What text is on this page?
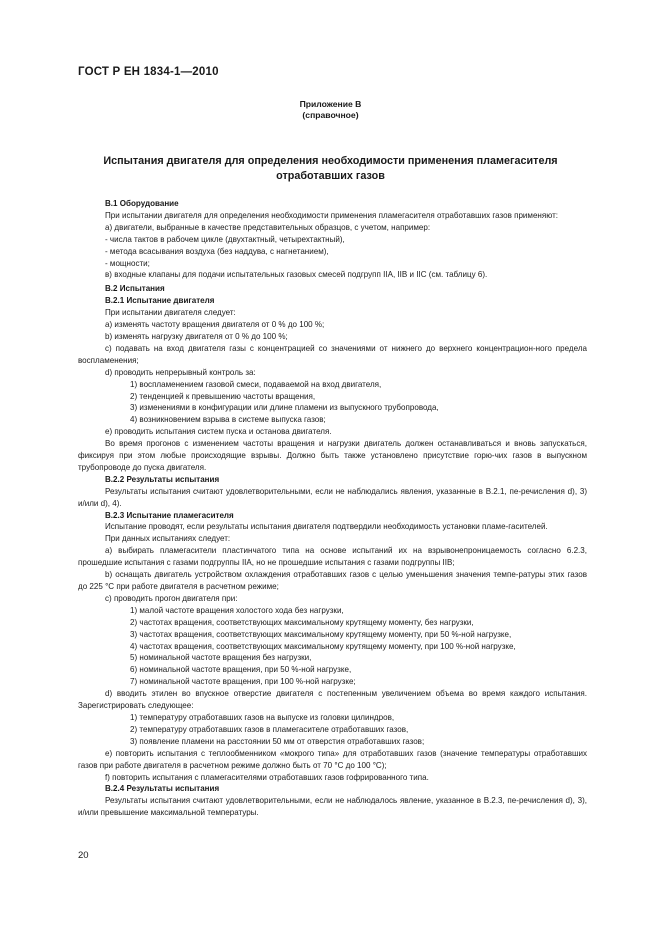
ГОСТ Р ЕН 1834-1—2010
Приложение В
(справочное)
Испытания двигателя для определения необходимости применения пламегасителя
отработавших газов
В.1 Оборудование
При испытании двигателя для определения необходимости применения пламегасителя отработавших газов применяют:
а) двигатели, выбранные в качестве представительных образцов, с учетом, например:
- числа тактов в рабочем цикле (двухтактный, четырехтактный),
- метода всасывания воздуха (без наддува, с нагнетанием),
- мощности;
в) входные клапаны для подачи испытательных газовых смесей подгрупп IIA, IIB и IIC (см. таблицу 6).
В.2 Испытания
В.2.1 Испытание двигателя
При испытании двигателя следует:
а) изменять частоту вращения двигателя от 0 % до 100 %;
b) изменять нагрузку двигателя от 0 % до 100 %;
c) подавать на вход двигателя газы с концентрацией со значениями от нижнего до верхнего концентрацион-ного предела воспламенения;
d) проводить непрерывный контроль за:
1) воспламенением газовой смеси, подаваемой на вход двигателя,
2) тенденцией к превышению частоты вращения,
3) изменениями в конфигурации или длине пламени из выпускного трубопровода,
4) возникновением взрыва в системе выпуска газов;
e) проводить испытания систем пуска и останова двигателя.
Во время прогонов с изменением частоты вращения и нагрузки двигатель должен останавливаться и вновь запускаться, фиксируя при этом любые происходящие взрывы. Должно быть также установлено присутствие горю-чих газов в выпускном трубопроводе до пуска двигателя.
В.2.2 Результаты испытания
Результаты испытания считают удовлетворительными, если не наблюдались явления, указанные в В.2.1, пе-речисления d), 3) и/или d), 4).
В.2.3 Испытание пламегасителя
Испытание проводят, если результаты испытания двигателя подтвердили необходимость установки пламе-гасителей.
При данных испытаниях следует:
а) выбирать пламегасители пластинчатого типа на основе испытаний их на взрывонепроницаемость согласно 6.2.3, прошедшие испытания с газами подгруппы IIA, но не прошедшие испытания с газами подгруппы IIB;
b) оснащать двигатель устройством охлаждения отработавших газов с целью уменьшения значения темпе-ратуры этих газов до 225 °С при работе двигателя в расчетном режиме;
c) проводить прогон двигателя при:
1) малой частоте вращения холостого хода без нагрузки,
2) частотах вращения, соответствующих максимальному крутящему моменту, без нагрузки,
3) частотах вращения, соответствующих максимальному крутящему моменту, при 50 %-ной нагрузке,
4) частотах вращения, соответствующих максимальному крутящему моменту, при 100 %-ной нагрузке,
5) номинальной частоте вращения без нагрузки,
6) номинальной частоте вращения, при 50 %-ной нагрузке,
7) номинальной частоте вращения, при 100 %-ной нагрузке;
d) вводить этилен во впускное отверстие двигателя с постепенным увеличением объема во время каждого испытания. Зарегистрировать следующее:
1) температуру отработавших газов на выпуске из головки цилиндров,
2) температуру отработавших газов в пламегасителе отработавших газов,
3) появление пламени на расстоянии 50 мм от отверстия отработавших газов;
e) повторить испытания с теплообменником «мокрого типа» для отработавших газов (значение температуры отработавших газов при работе двигателя в расчетном режиме должно быть от 70 °С до 100 °С);
f) повторить испытания с пламегасителями отработавших газов гофрированного типа.
В.2.4 Результаты испытания
Результаты испытания считают удовлетворительными, если не наблюдалось явление, указанное в В.2.3, пе-речисления d), 3), и/или превышение максимальной температуры.
20
